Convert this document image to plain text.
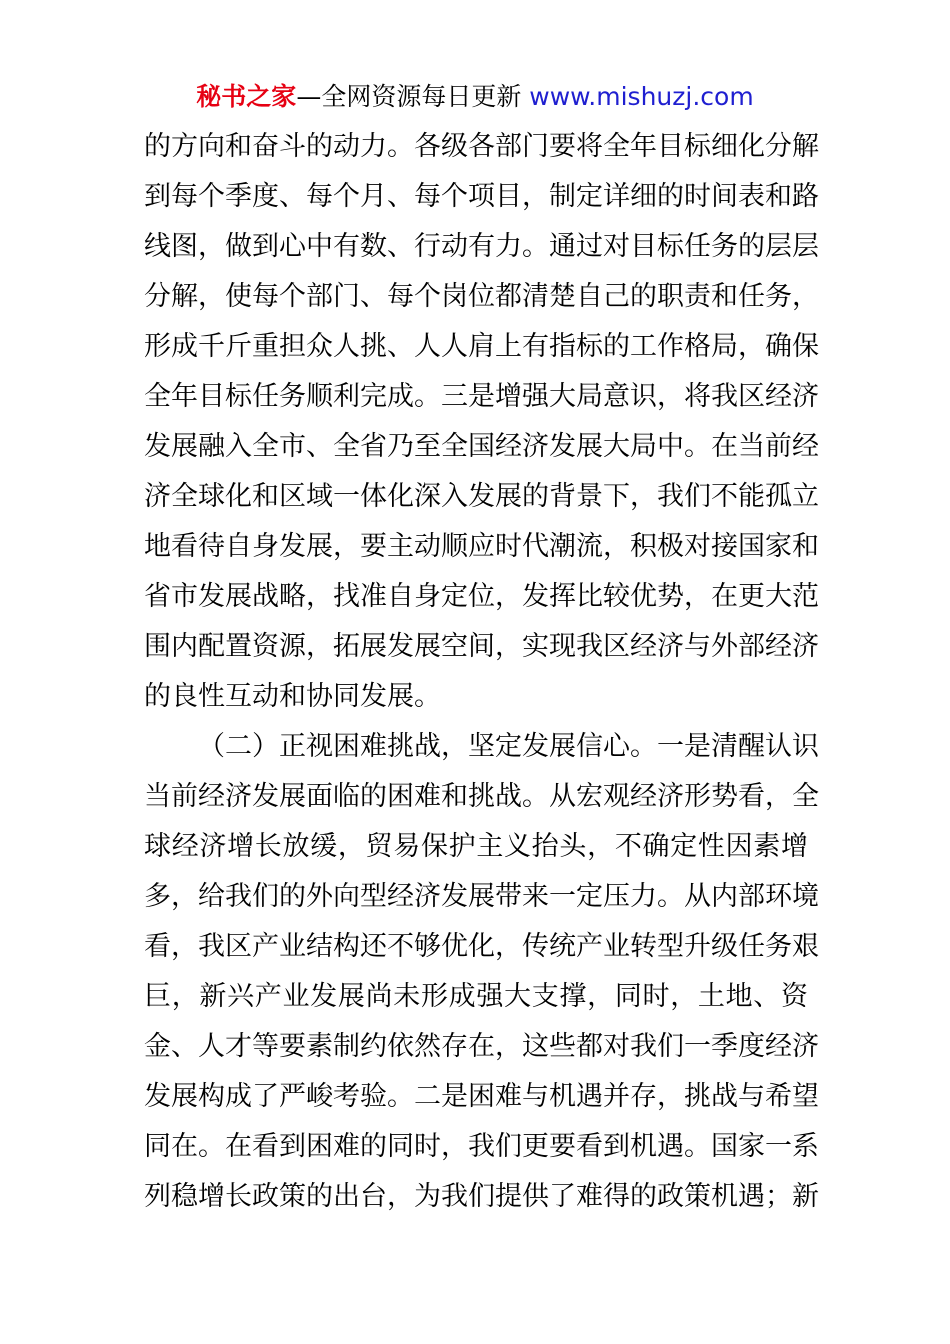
秘书之家—全网资源每日更新 www.mishuzj.com
的方向和奋斗的动力。各级各部门要将全年目标细化分解
到每个季度、每个月、每个项目，制定详细的时间表和路
线图，做到心中有数、行动有力。通过对目标任务的层层
分解，使每个部门、每个岗位都清楚自己的职责和任务，
形成千斤重担众人挑、人人肩上有指标的工作格局，确保
全年目标任务顺利完成。三是增强大局意识，将我区经济
发展融入全市、全省乃至全国经济发展大局中。在当前经
济全球化和区域一体化深入发展的背景下，我们不能孤立
地看待自身发展，要主动顺应时代潮流，积极对接国家和
省市发展战略，找准自身定位，发挥比较优势，在更大范
围内配置资源，拓展发展空间，实现我区经济与外部经济
的良性互动和协同发展。
（二）正视困难挑战，坚定发展信心。一是清醒认识
当前经济发展面临的困难和挑战。从宏观经济形势看，全
球经济增长放缓，贸易保护主义抬头，不确定性因素增
多，给我们的外向型经济发展带来一定压力。从内部环境
看，我区产业结构还不够优化，传统产业转型升级任务艰
巨，新兴产业发展尚未形成强大支撑，同时，土地、资
金、人才等要素制约依然存在，这些都对我们一季度经济
发展构成了严峻考验。二是困难与机遇并存，挑战与希望
同在。在看到困难的同时，我们更要看到机遇。国家一系
列稳增长政策的出台，为我们提供了难得的政策机遇；新
